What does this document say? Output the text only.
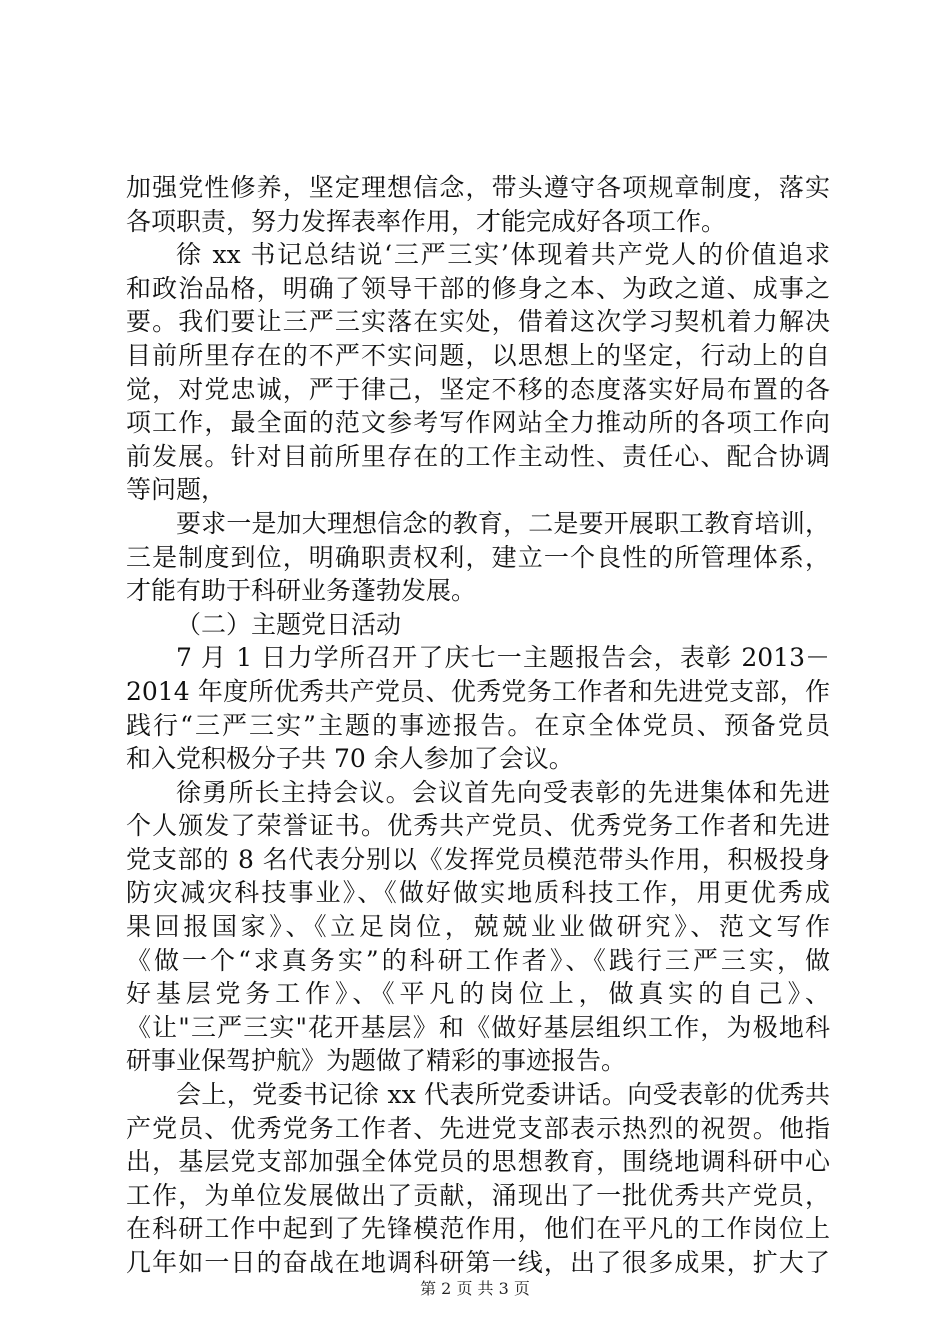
加强党性修养，坚定理想信念，带头遵守各项规章制度，落实
各项职责，努力发挥表率作用，才能完成好各项工作。
徐 xx 书记总结说‘三严三实’体现着共产党人的价值追求
和政治品格，明确了领导干部的修身之本、为政之道、成事之
要。我们要让三严三实落在实处，借着这次学习契机着力解决
目前所里存在的不严不实问题，以思想上的坚定，行动上的自
觉，对党忠诚，严于律己，坚定不移的态度落实好局布置的各
项工作，最全面的范文参考写作网站全力推动所的各项工作向
前发展。针对目前所里存在的工作主动性、责任心、配合协调
等问题，
要求一是加大理想信念的教育，二是要开展职工教育培训，
三是制度到位，明确职责权利，建立一个良性的所管理体系，
才能有助于科研业务蓬勃发展。
（二）主题党日活动
7 月 1 日力学所召开了庆七一主题报告会，表彰 2013－
2014 年度所优秀共产党员、优秀党务工作者和先进党支部，作
践行“三严三实”主题的事迹报告。在京全体党员、预备党员
和入党积极分子共 70 余人参加了会议。
徐勇所长主持会议。会议首先向受表彰的先进集体和先进
个人颁发了荣誉证书。优秀共产党员、优秀党务工作者和先进
党支部的 8 名代表分别以《发挥党员模范带头作用，积极投身
防灾减灾科技事业》、《做好做实地质科技工作，用更优秀成
果回报国家》、《立足岗位，兢兢业业做研究》、范文写作
《做一个“求真务实”的科研工作者》、《践行三严三实，做
好基层党务工作》、《平凡的岗位上，做真实的自己》、
《让"三严三实"花开基层》和《做好基层组织工作，为极地科
研事业保驾护航》为题做了精彩的事迹报告。
会上，党委书记徐 xx 代表所党委讲话。向受表彰的优秀共
产党员、优秀党务工作者、先进党支部表示热烈的祝贺。他指
出，基层党支部加强全体党员的思想教育，围绕地调科研中心
工作，为单位发展做出了贡献，涌现出了一批优秀共产党员，
在科研工作中起到了先锋模范作用，他们在平凡的工作岗位上
几年如一日的奋战在地调科研第一线，出了很多成果，扩大了
第 2 页 共 3 页
